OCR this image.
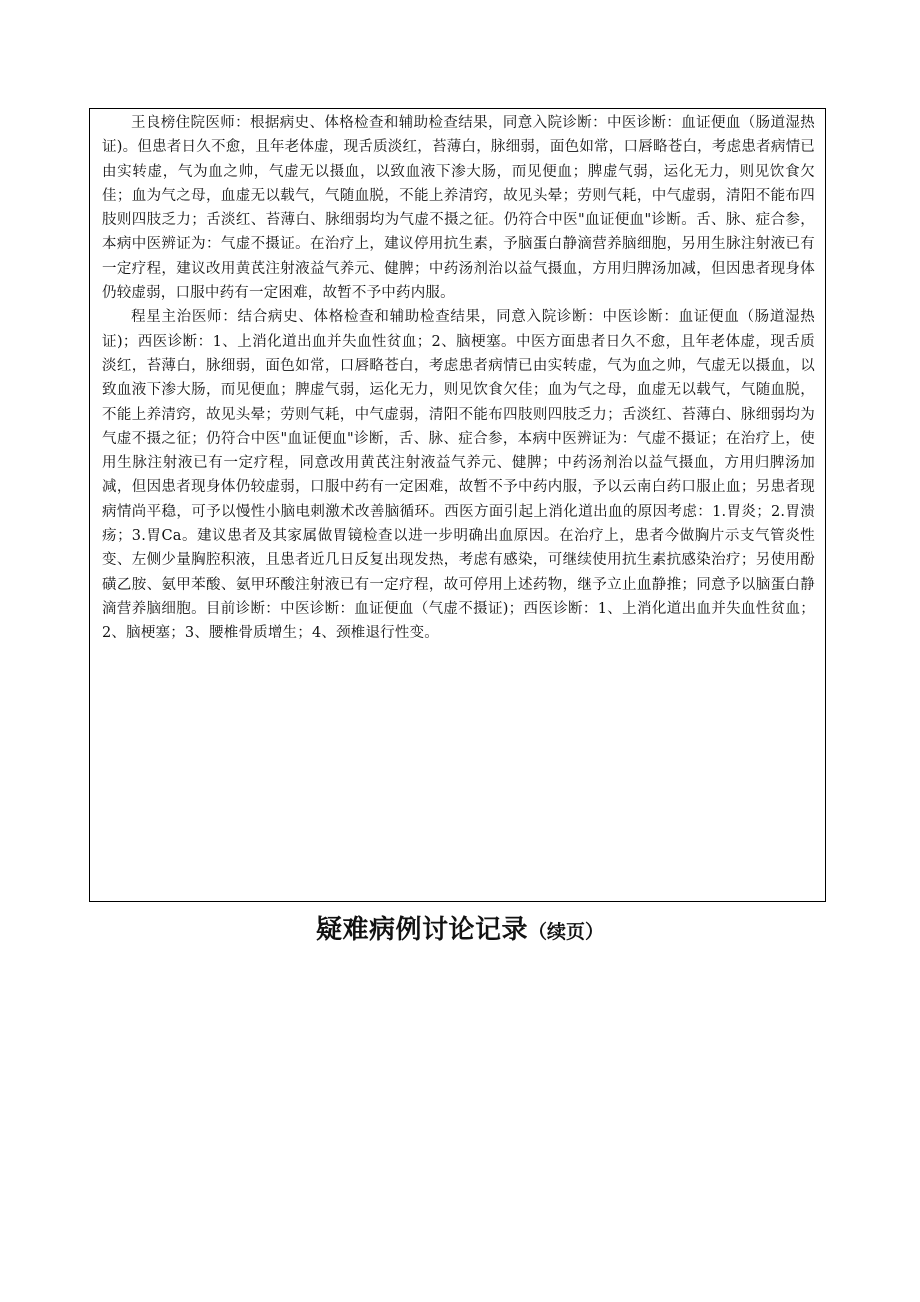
王良榜住院医师：根据病史、体格检查和辅助检查结果，同意入院诊断：中医诊断：血证便血（肠道湿热证)。但患者日久不愈，且年老体虚，现舌质淡红，苔薄白，脉细弱，面色如常，口唇略苍白，考虑患者病情已由实转虚，气为血之帅，气虚无以摄血，以致血液下渗大肠，而见便血；脾虚气弱，运化无力，则见饮食欠佳；血为气之母，血虚无以载气，气随血脱，不能上养清窍，故见头晕；劳则气耗，中气虚弱，清阳不能布四肢则四肢乏力；舌淡红、苔薄白、脉细弱均为气虚不摄之征。仍符合中医"血证便血"诊断。舌、脉、症合参，本病中医辨证为：气虚不摄证。在治疗上，建议停用抗生素，予脑蛋白静滴营养脑细胞，另用生脉注射液已有一定疗程，建议改用黄芪注射液益气养元、健脾；中药汤剂治以益气摄血，方用归脾汤加减，但因患者现身体仍较虚弱，口服中药有一定困难，故暂不予中药内服。

程星主治医师：结合病史、体格检查和辅助检查结果，同意入院诊断：中医诊断：血证便血（肠道湿热证)；西医诊断：1、上消化道出血并失血性贫血；2、脑梗塞。中医方面患者日久不愈，且年老体虚，现舌质淡红，苔薄白，脉细弱，面色如常，口唇略苍白，考虑患者病情已由实转虚，气为血之帅，气虚无以摄血，以致血液下渗大肠，而见便血；脾虚气弱，运化无力，则见饮食欠佳；血为气之母，血虚无以载气，气随血脱，不能上养清窍，故见头晕；劳则气耗，中气虚弱，清阳不能布四肢则四肢乏力；舌淡红、苔薄白、脉细弱均为气虚不摄之征；仍符合中医"血证便血"诊断，舌、脉、症合参，本病中医辨证为：气虚不摄证；在治疗上，使用生脉注射液已有一定疗程，同意改用黄芪注射液益气养元、健脾；中药汤剂治以益气摄血，方用归脾汤加减，但因患者现身体仍较虚弱，口服中药有一定困难，故暂不予中药内服，予以云南白药口服止血；另患者现病情尚平稳，可予以慢性小脑电刺激术改善脑循环。西医方面引起上消化道出血的原因考虑：1.胃炎；2.胃溃疡；3.胃Ca。建议患者及其家属做胃镜检查以进一步明确出血原因。在治疗上，患者今做胸片示支气管炎性变、左侧少量胸腔积液，且患者近几日反复出现发热，考虑有感染，可继续使用抗生素抗感染治疗；另使用酚磺乙胺、氨甲苯酸、氨甲环酸注射液已有一定疗程，故可停用上述药物，继予立止血静推；同意予以脑蛋白静滴营养脑细胞。目前诊断：中医诊断：血证便血（气虚不摄证)；西医诊断：1、上消化道出血并失血性贫血；2、脑梗塞；3、腰椎骨质增生；4、颈椎退行性变。

疑难病例讨论记录（续页）
